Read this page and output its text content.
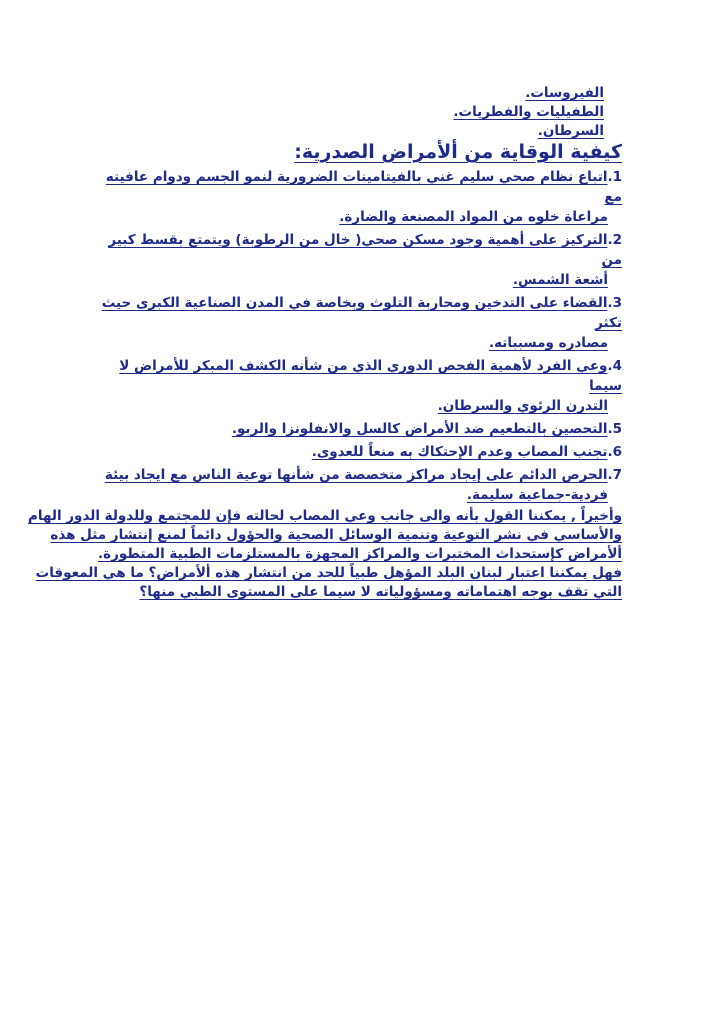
الفيروسات.
الطفيليات والفطريات.
السرطان.
كيفية الوقاية من ألأمراض الصدرية:
1.اتباع نظام صحي سليم غني بالفيتامينات الضرورية لنمو الجسم ودوام عافيته مع
مراعاة خلوه من المواد المصنعة والضارة.
2.التركيز على أهمية وجود مسكن صحي( خال من الرطوبة) ويتمتع بقسط كبير من
أشعة الشمس.
3.القضاء على التدخين ومحاربة التلوث وبخاصة في المدن الصناعية الكبرى حيث تكثر
مصادره ومسبباته.
4.وعي الفرد لأهمية الفحص الدوري الذي من شأنه الكشف المبكر للأمراض لا سيما
التدرن الرئوي والسرطان.
5.التحصين بالتطعيم ضد الأمراض كالسل والانفلونزا والربو.
6.تجنب المصاب وعدم الإحتكاك به منعاً للعدوى.
7.الحرص الدائم على إيجاد مراكز متخصصة من شأنها توعية الناس مع ايجاد بيئة
فردية-جماعية سليمة.
وأخيراً , يمكننا القول بأنه والى جانب وعي المصاب لحالته فإن للمجتمع وللدولة الدور الهام
والأساسي في نشر التوعية وتنمية الوسائل الصحية والحؤول دائماً لمنع إنتشار مثل هذه
ألأمراض كإستحداث المختبرات والمراكز المجهزة بالمستلزمات الطبية المتطورة.
فهل يمكننا اعتبار لبنان البلد المؤهل طبياً للحد من انتشار هذه ألأمراض؟ ما هي المعوقات
التي تقف بوجه اهتماماته ومسؤولياته لا سيما على المستوى الطبي منها؟
